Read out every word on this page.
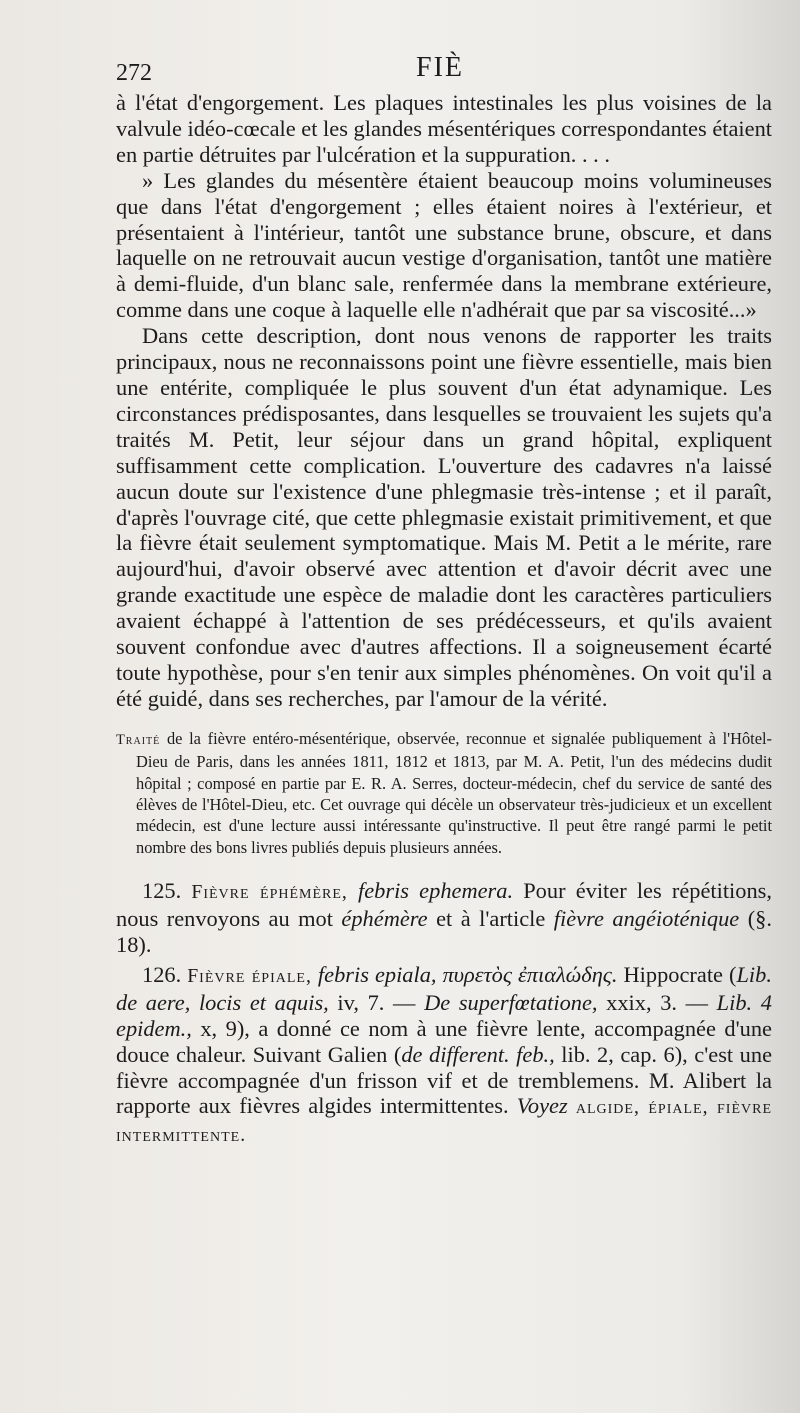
272	FIÈ

à l'état d'engorgement. Les plaques intestinales les plus voisines de la valvule idéo-cœcale et les glandes mésentériques correspondantes étaient en partie détruites par l'ulcération et la suppuration. . . .

» Les glandes du mésentère étaient beaucoup moins volumineuses que dans l'état d'engorgement ; elles étaient noires à l'extérieur, et présentaient à l'intérieur, tantôt une substance brune, obscure, et dans laquelle on ne retrouvait aucun vestige d'organisation, tantôt une matière à demi-fluide, d'un blanc sale, renfermée dans la membrane extérieure, comme dans une coque à laquelle elle n'adhérait que par sa viscosité...»

Dans cette description, dont nous venons de rapporter les traits principaux, nous ne reconnaissons point une fièvre essentielle, mais bien une entérite, compliquée le plus souvent d'un état adynamique. Les circonstances prédisposantes, dans lesquelles se trouvaient les sujets qu'a traités M. Petit, leur séjour dans un grand hôpital, expliquent suffisamment cette complication. L'ouverture des cadavres n'a laissé aucun doute sur l'existence d'une phlegmasie très-intense ; et il paraît, d'après l'ouvrage cité, que cette phlegmasie existait primitivement, et que la fièvre était seulement symptomatique. Mais M. Petit a le mérite, rare aujourd'hui, d'avoir observé avec attention et d'avoir décrit avec une grande exactitude une espèce de maladie dont les caractères particuliers avaient échappé à l'attention de ses prédécesseurs, et qu'ils avaient souvent confondue avec d'autres affections. Il a soigneusement écarté toute hypothèse, pour s'en tenir aux simples phénomènes. On voit qu'il a été guidé, dans ses recherches, par l'amour de la vérité.

Traité de la fièvre entéro-mésentérique, observée, reconnue et signalée publiquement à l'Hôtel-Dieu de Paris, dans les années 1811, 1812 et 1813, par M. A. Petit, l'un des médecins dudit hôpital ; composé en partie par E. R. A. Serres, docteur-médecin, chef du service de santé des élèves de l'Hôtel-Dieu, etc. Cet ouvrage qui décèle un observateur très-judicieux et un excellent médecin, est d'une lecture aussi intéressante qu'instructive. Il peut être rangé parmi le petit nombre des bons livres publiés depuis plusieurs années.

125. Fièvre éphémère, febris ephemera. Pour éviter les répétitions, nous renvoyons au mot éphémère et à l'article fièvre angéioténique (§. 18).

126. Fièvre épiale, febris epiala, πυρετὸς ἐπιαλώδης. Hippocrate (Lib. de aere, locis et aquis, iv, 7. — De superfœtatione, xxix, 3. — Lib. 4 epidem., x, 9), a donné ce nom à une fièvre lente, accompagnée d'une douce chaleur. Suivant Galien (de different. feb., lib. 2, cap. 6), c'est une fièvre accompagnée d'un frisson vif et de tremblemens. M. Alibert la rapporte aux fièvres algides intermittentes. Voyez algide, épiale, fièvre intermittente.
